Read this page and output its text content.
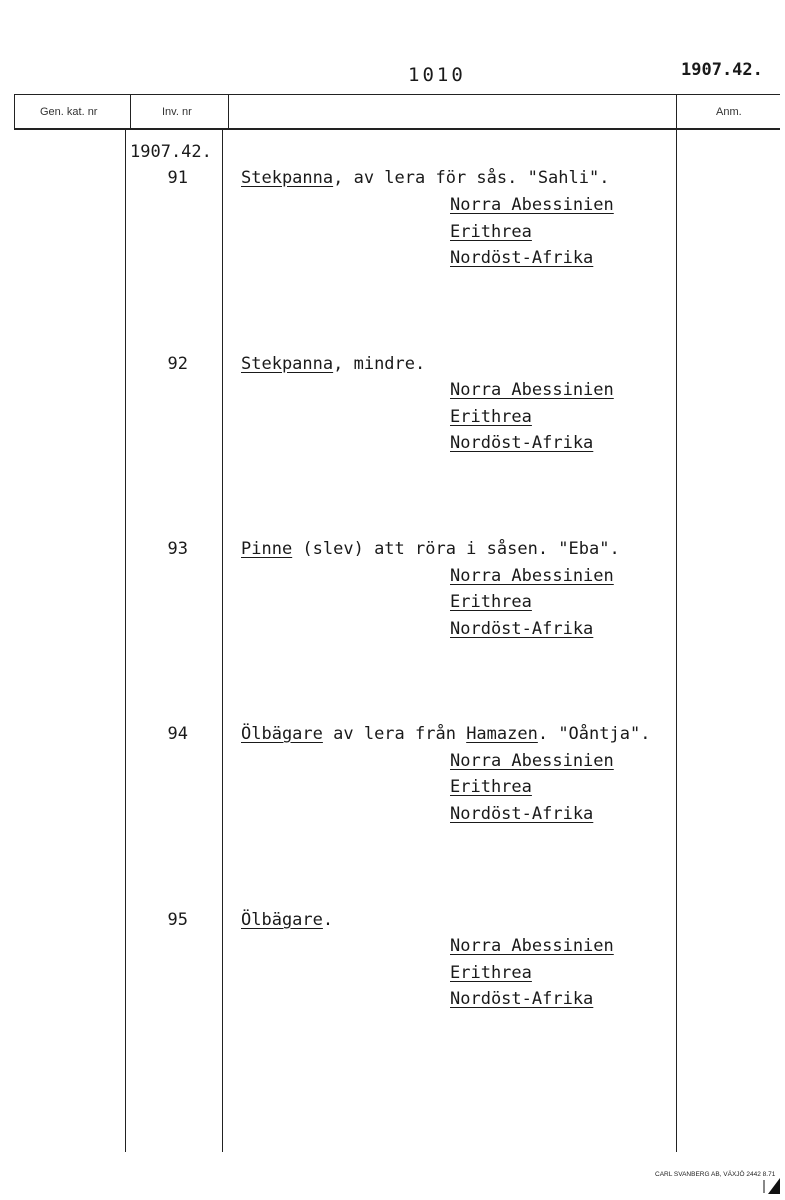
1010	1907.42.
Gen. kat. nr	Inv. nr	Anm.
1907.42.
91	Stekpanna, av lera för sås. "Sahli".
Norra Abessinien
Erithrea
Nordöst-Afrika
92	Stekpanna, mindre.
Norra Abessinien
Erithrea
Nordöst-Afrika
93	Pinne (slev) att röra i såsen. "Eba".
Norra Abessinien
Erithrea
Nordöst-Afrika
94	Ölbägare av lera från Hamazen. "Oåntja".
Norra Abessinien
Erithrea
Nordöst-Afrika
95	Ölbägare.
Norra Abessinien
Erithrea
Nordöst-Afrika
CARL SVANBERG AB, VÄXJÖ 2442 8.71
